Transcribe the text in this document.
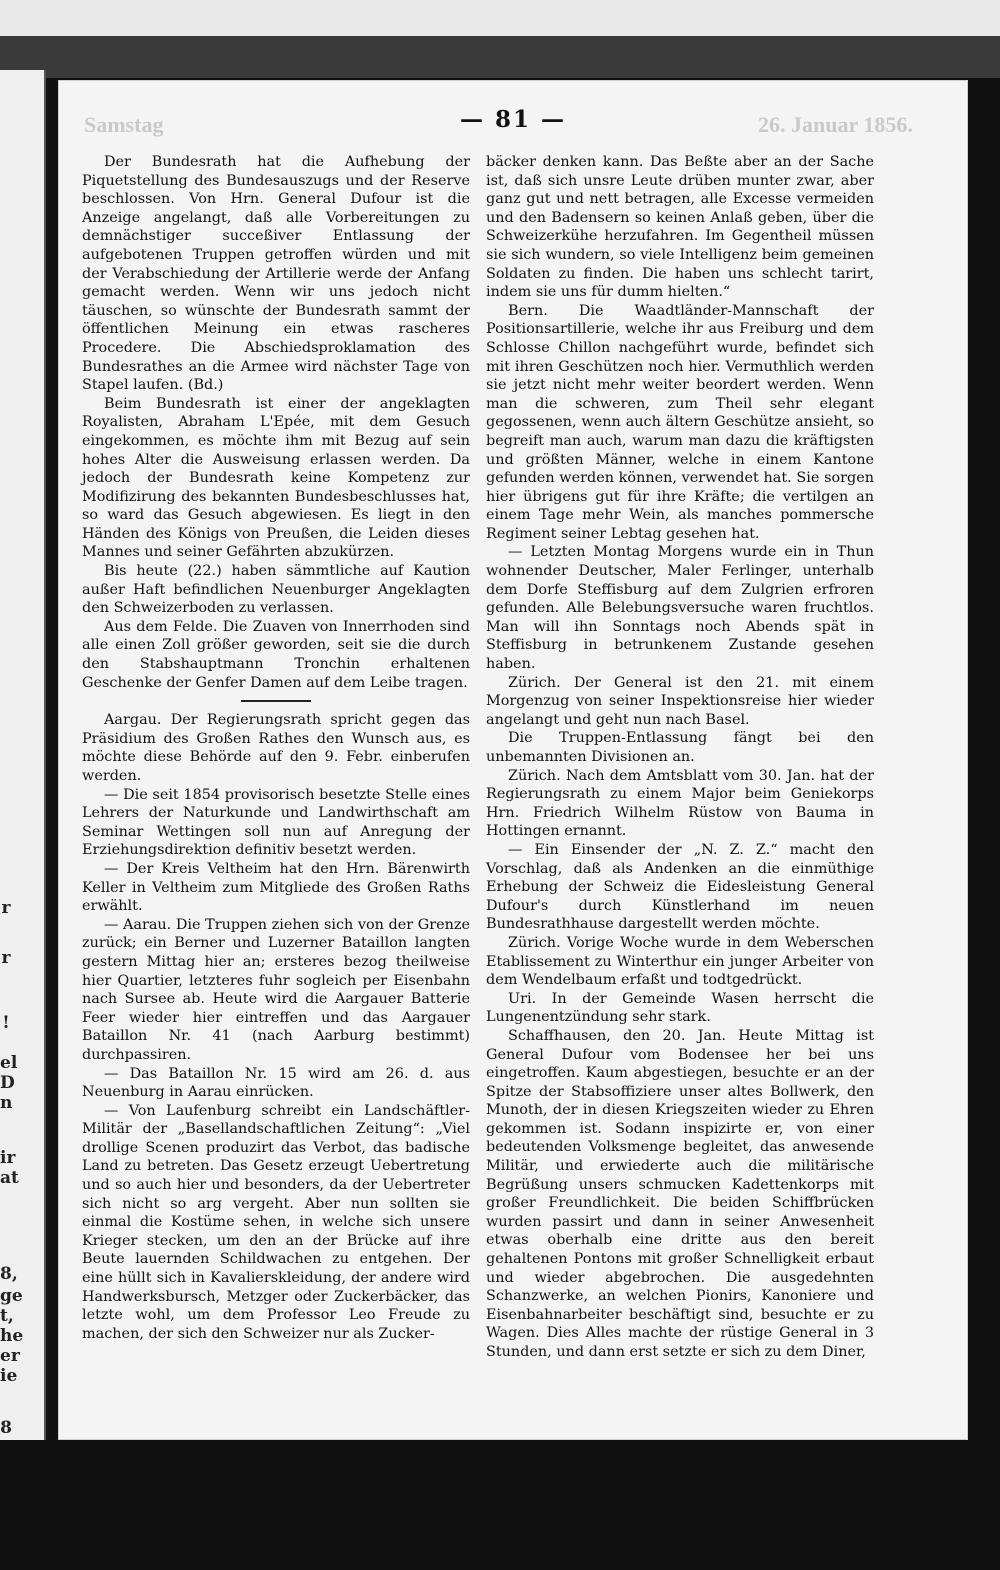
r
r
!
el
D
n
ir
at
8,
ge
t,
he
er
ie
8
Samstag	26. Januar 1856.
— 81 —

Der Bundesrath hat die Aufhebung der Piquetstellung des Bundesauszugs und der Reserve beschlossen. Von Hrn. General Dufour ist die Anzeige angelangt, daß alle Vorbereitungen zu demnächstiger succeßiver Entlassung der aufgebotenen Truppen getroffen würden und mit der Verabschiedung der Artillerie werde der Anfang gemacht werden. Wenn wir uns jedoch nicht täuschen, so wünschte der Bundesrath sammt der öffentlichen Meinung ein etwas rascheres Procedere. Die Abschiedsproklamation des Bundesrathes an die Armee wird nächster Tage von Stapel laufen. (Bd.)

Beim Bundesrath ist einer der angeklagten Royalisten, Abraham L'Epée, mit dem Gesuch eingekommen, es möchte ihm mit Bezug auf sein hohes Alter die Ausweisung erlassen werden. Da jedoch der Bundesrath keine Kompetenz zur Modifizirung des bekannten Bundesbeschlusses hat, so ward das Gesuch abgewiesen. Es liegt in den Händen des Königs von Preußen, die Leiden dieses Mannes und seiner Gefährten abzukürzen.

Bis heute (22.) haben sämmtliche auf Kaution außer Haft befindlichen Neuenburger Angeklagten den Schweizerboden zu verlassen.

Aus dem Felde. Die Zuaven von Innerrhoden sind alle einen Zoll größer geworden, seit sie die durch den Stabshauptmann Tronchin erhaltenen Geschenke der Genfer Damen auf dem Leibe tragen.

Aargau. Der Regierungsrath spricht gegen das Präsidium des Großen Rathes den Wunsch aus, es möchte diese Behörde auf den 9. Febr. einberufen werden.

— Die seit 1854 provisorisch besetzte Stelle eines Lehrers der Naturkunde und Landwirthschaft am Seminar Wettingen soll nun auf Anregung der Erziehungsdirektion definitiv besetzt werden.

— Der Kreis Veltheim hat den Hrn. Bärenwirth Keller in Veltheim zum Mitgliede des Großen Raths erwählt.

— Aarau. Die Truppen ziehen sich von der Grenze zurück; ein Berner und Luzerner Bataillon langten gestern Mittag hier an; ersteres bezog theilweise hier Quartier, letzteres fuhr sogleich per Eisenbahn nach Sursee ab. Heute wird die Aargauer Batterie Feer wieder hier eintreffen und das Aargauer Bataillon Nr. 41 (nach Aarburg bestimmt) durchpassiren.

— Das Bataillon Nr. 15 wird am 26. d. aus Neuenburg in Aarau einrücken.

— Von Laufenburg schreibt ein Landschäftler-Militär der „Basellandschaftlichen Zeitung“: „Viel drollige Scenen produzirt das Verbot, das badische Land zu betreten. Das Gesetz erzeugt Uebertretung und so auch hier und besonders, da der Uebertreter sich nicht so arg vergeht. Aber nun sollten sie einmal die Kostüme sehen, in welche sich unsere Krieger stecken, um den an der Brücke auf ihre Beute lauernden Schildwachen zu entgehen. Der eine hüllt sich in Kavalierskleidung, der andere wird Handwerksbursch, Metzger oder Zuckerbäcker, das letzte wohl, um dem Professor Leo Freude zu machen, der sich den Schweizer nur als Zucker-

bäcker denken kann. Das Beßte aber an der Sache ist, daß sich unsre Leute drüben munter zwar, aber ganz gut und nett betragen, alle Excesse vermeiden und den Badensern so keinen Anlaß geben, über die Schweizerkühe herzufahren. Im Gegentheil müssen sie sich wundern, so viele Intelligenz beim gemeinen Soldaten zu finden. Die haben uns schlecht tarirt, indem sie uns für dumm hielten.“

Bern. Die Waadtländer-Mannschaft der Positionsartillerie, welche ihr aus Freiburg und dem Schlosse Chillon nachgeführt wurde, befindet sich mit ihren Geschützen noch hier. Vermuthlich werden sie jetzt nicht mehr weiter beordert werden. Wenn man die schweren, zum Theil sehr elegant gegossenen, wenn auch ältern Geschütze ansieht, so begreift man auch, warum man dazu die kräftigsten und größten Männer, welche in einem Kantone gefunden werden können, verwendet hat. Sie sorgen hier übrigens gut für ihre Kräfte; die vertilgen an einem Tage mehr Wein, als manches pommersche Regiment seiner Lebtag gesehen hat.

— Letzten Montag Morgens wurde ein in Thun wohnender Deutscher, Maler Ferlinger, unterhalb dem Dorfe Steffisburg auf dem Zulgrien erfroren gefunden. Alle Belebungsversuche waren fruchtlos. Man will ihn Sonntags noch Abends spät in Steffisburg in betrunkenem Zustande gesehen haben.

Zürich. Der General ist den 21. mit einem Morgenzug von seiner Inspektionsreise hier wieder angelangt und geht nun nach Basel.

Die Truppen-Entlassung fängt bei den unbemannten Divisionen an.

Zürich. Nach dem Amtsblatt vom 30. Jan. hat der Regierungsrath zu einem Major beim Geniekorps Hrn. Friedrich Wilhelm Rüstow von Bauma in Hottingen ernannt.

— Ein Einsender der „N. Z. Z.“ macht den Vorschlag, daß als Andenken an die einmüthige Erhebung der Schweiz die Eidesleistung General Dufour's durch Künstlerhand im neuen Bundesrathhause dargestellt werden möchte.

Zürich. Vorige Woche wurde in dem Weberschen Etablissement zu Winterthur ein junger Arbeiter von dem Wendelbaum erfaßt und todtgedrückt.

Uri. In der Gemeinde Wasen herrscht die Lungenentzündung sehr stark.

Schaffhausen, den 20. Jan. Heute Mittag ist General Dufour vom Bodensee her bei uns eingetroffen. Kaum abgestiegen, besuchte er an der Spitze der Stabsoffiziere unser altes Bollwerk, den Munoth, der in diesen Kriegszeiten wieder zu Ehren gekommen ist. Sodann inspizirte er, von einer bedeutenden Volksmenge begleitet, das anwesende Militär, und erwiederte auch die militärische Begrüßung unsers schmucken Kadettenkorps mit großer Freundlichkeit. Die beiden Schiffbrücken wurden passirt und dann in seiner Anwesenheit etwas oberhalb eine dritte aus den bereit gehaltenen Pontons mit großer Schnelligkeit erbaut und wieder abgebrochen. Die ausgedehnten Schanzwerke, an welchen Pionirs, Kanoniere und Eisenbahnarbeiter beschäftigt sind, besuchte er zu Wagen. Dies Alles machte der rüstige General in 3 Stunden, und dann erst setzte er sich zu dem Diner,
